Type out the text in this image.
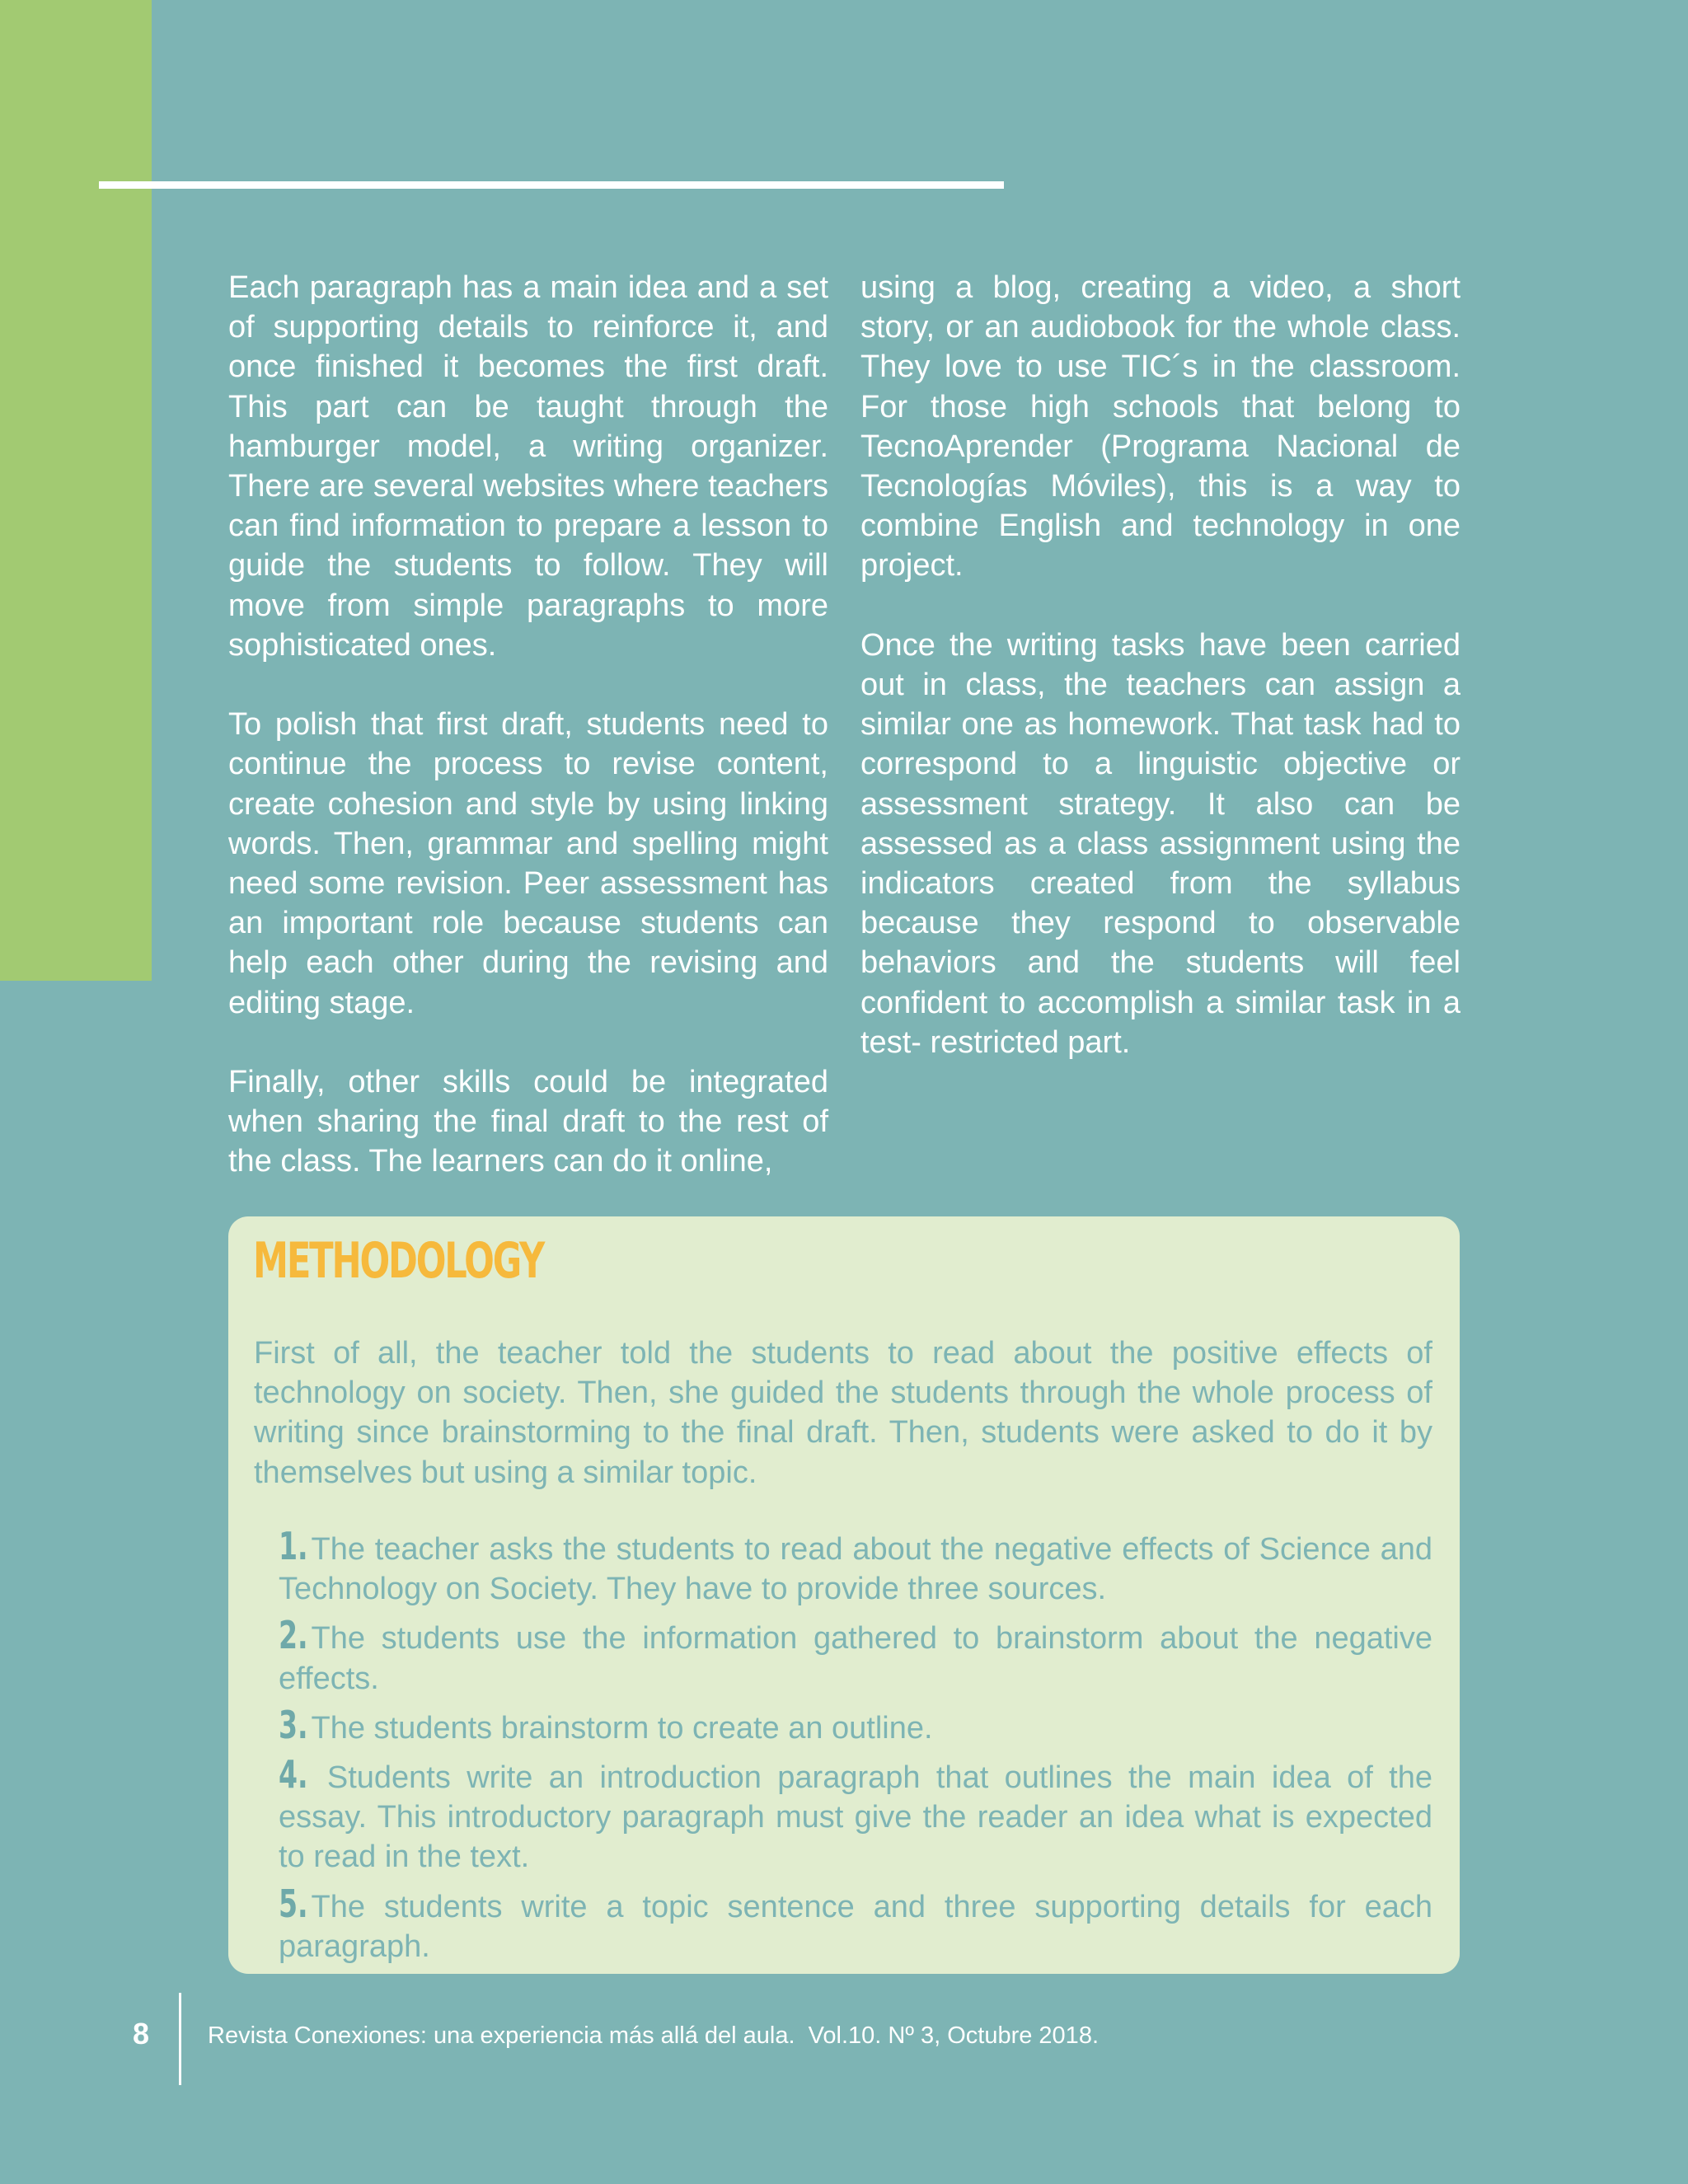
Each paragraph has a main idea and a set of supporting details to reinforce it, and once finished it becomes the first draft. This part can be taught through the hamburger model, a writing organizer. There are several websites where teachers can find information to prepare a lesson to guide the students to follow. They will move from simple paragraphs to more sophisticated ones.

To polish that first draft, students need to continue the process to revise content, create cohesion and style by using linking words. Then, grammar and spelling might need some revision. Peer assessment has an important role because students can help each other during the revising and editing stage.

Finally, other skills could be integrated when sharing the final draft to the rest of the class. The learners can do it online,

using a blog, creating a video, a short story, or an audiobook for the whole class. They love to use TIC´s in the classroom. For those high schools that belong to TecnoAprender (Programa Nacional de Tecnologías Móviles), this is a way to combine English and technology in one project.

Once the writing tasks have been carried out in class, the teachers can assign a similar one as homework. That task had to correspond to a linguistic objective or assessment strategy. It also can be assessed as a class assignment using the indicators created from the syllabus because they respond to observable behaviors and the students will feel confident to accomplish a similar task in a test- restricted part.

METHODOLOGY

First of all, the teacher told the students to read about the positive effects of technology on society. Then, she guided the students through the whole process of writing since brainstorming to the final draft. Then, students were asked to do it by themselves but using a similar topic.

1. The teacher asks the students to read about the negative effects of Science and Technology on Society. They have to provide three sources.
2. The students use the information gathered to brainstorm about the negative effects.
3. The students brainstorm to create an outline.
4. Students write an introduction paragraph that outlines the main idea of the essay. This introductory paragraph must give the reader an idea what is expected to read in the text.
5. The students write a topic sentence and three supporting details for each paragraph.
8 Revista Conexiones: una experiencia más allá del aula.  Vol.10. Nº 3, Octubre 2018.
